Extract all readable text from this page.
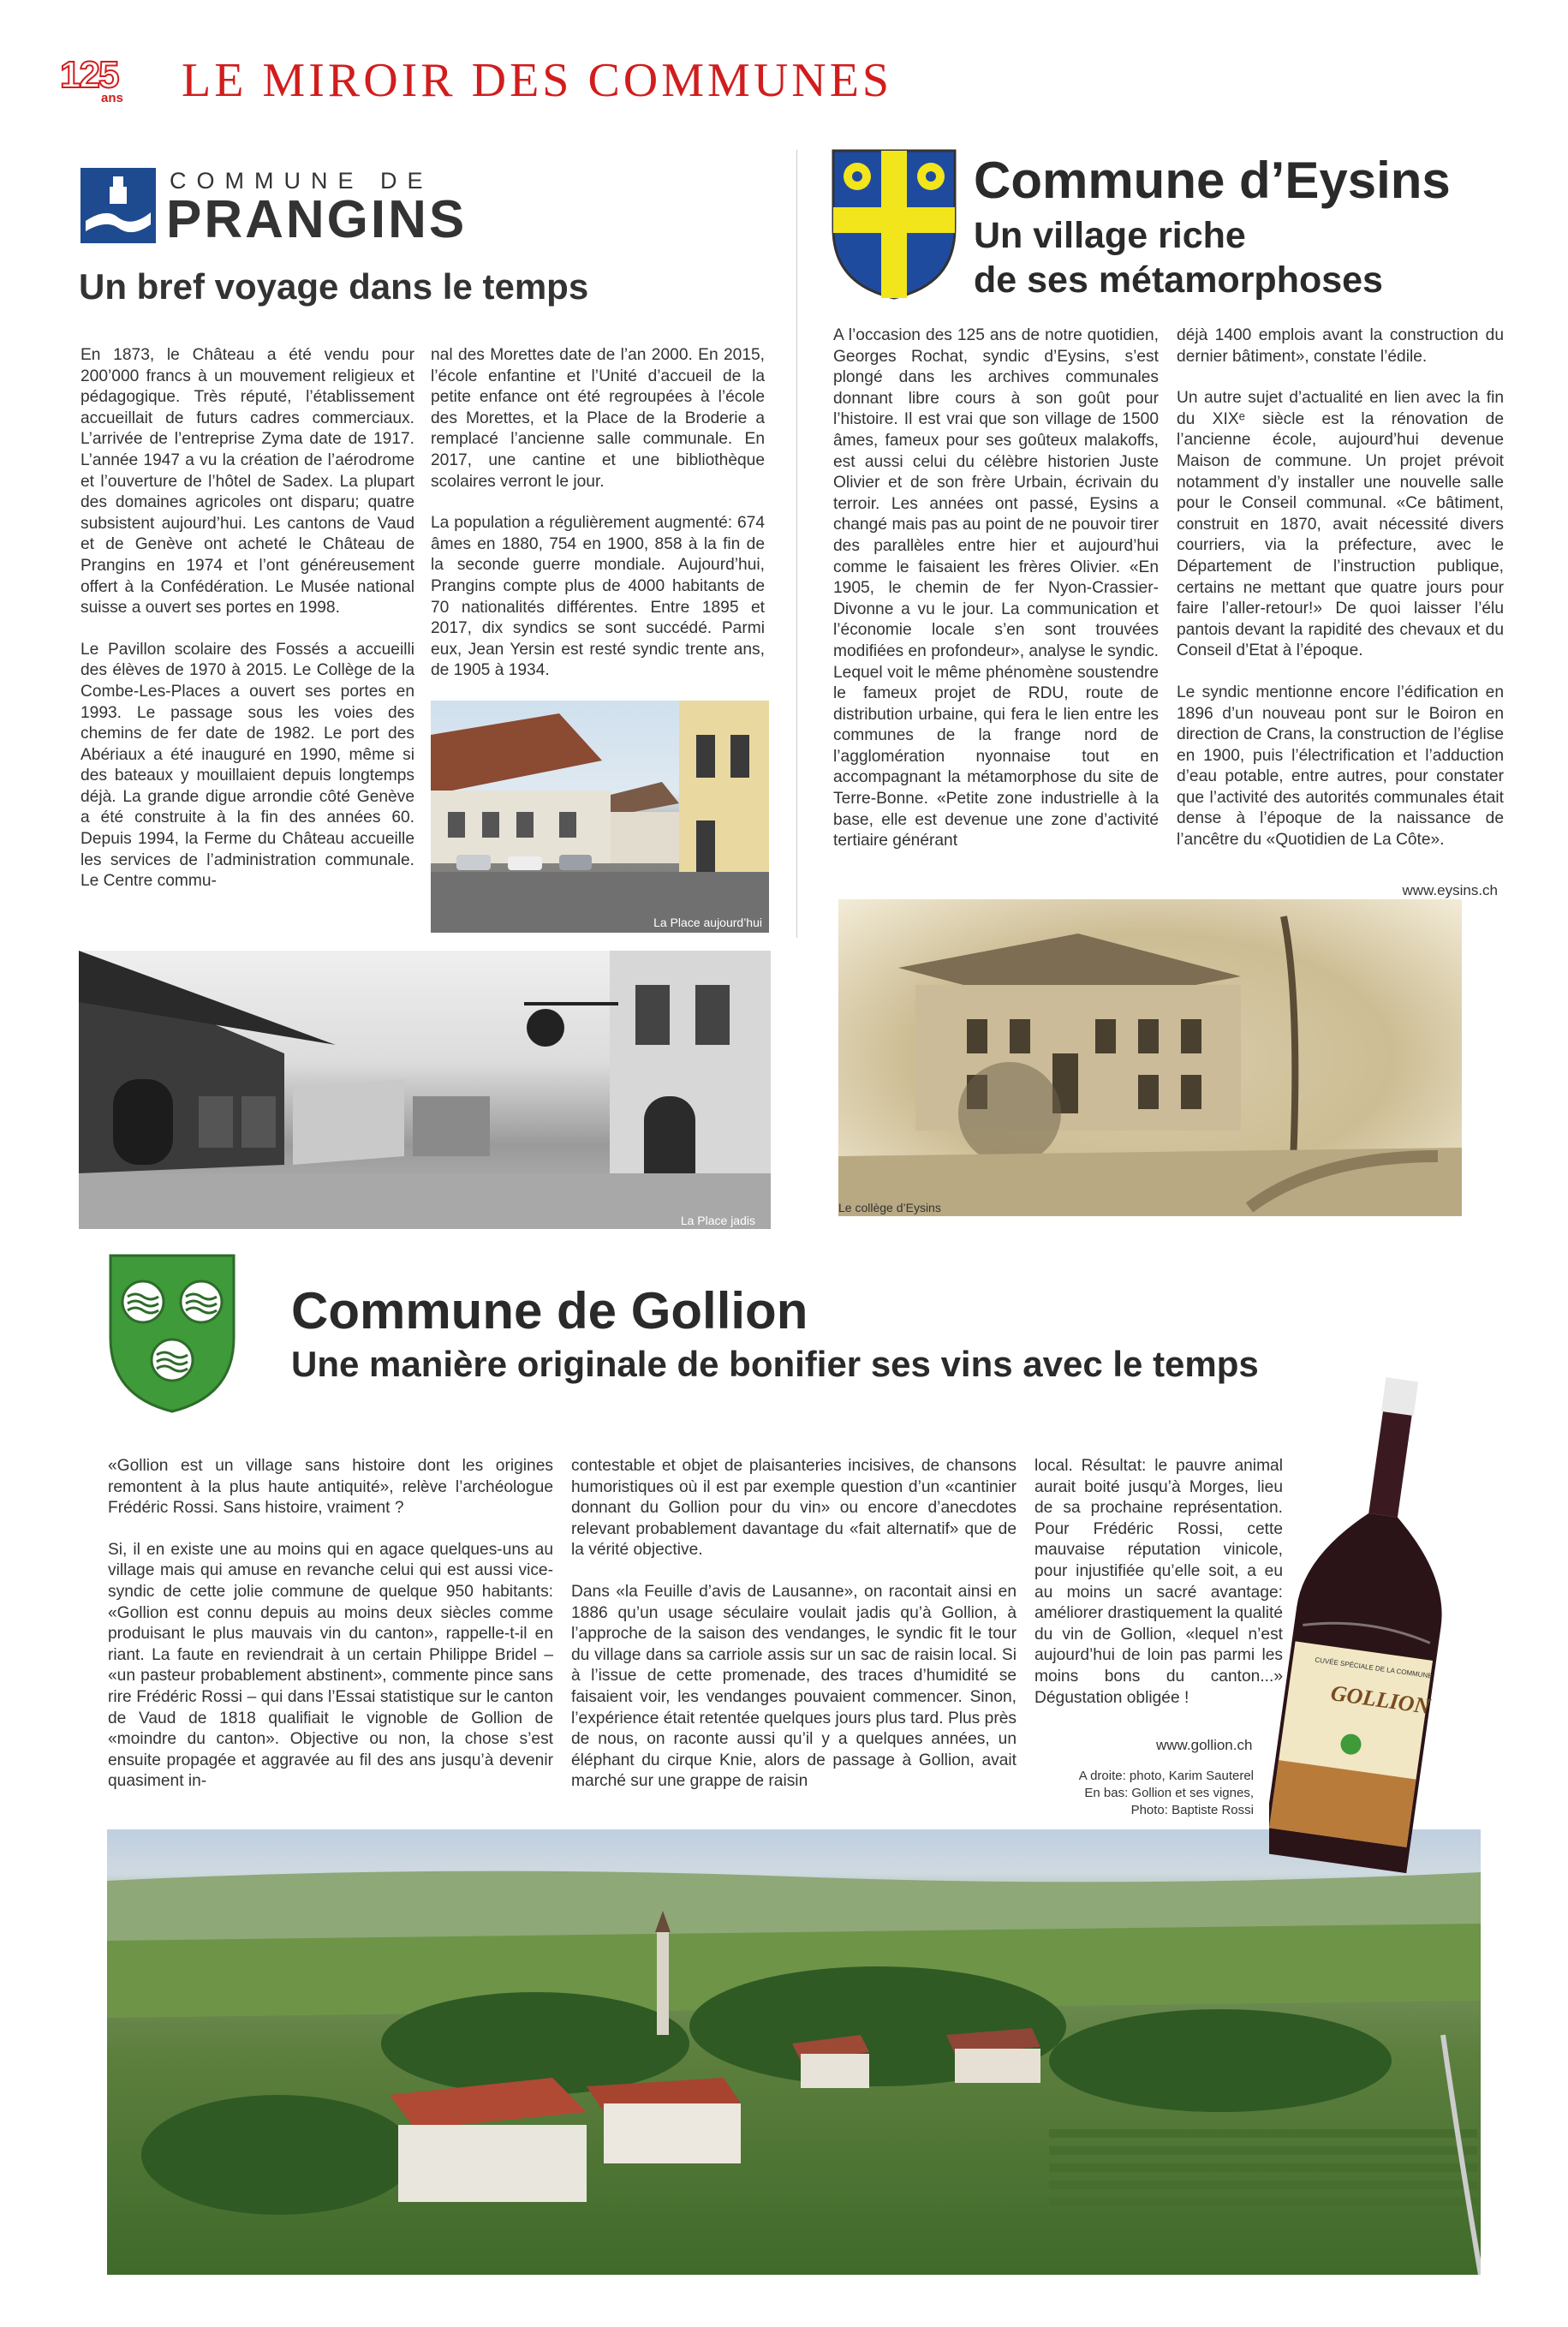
125
ans LE MIROIR DES COMMUNES
COMMUNE DE
PRANGINS
Un bref voyage dans le temps

En 1873, le Château a été vendu pour 200’000 francs à un mouvement religieux et pédagogique. Très réputé, l’établissement accueillait de futurs cadres commerciaux. L’arrivée de l’entreprise Zyma date de 1917. L’année 1947 a vu la création de l’aérodrome et l’ouverture de l’hôtel de Sadex. La plupart des domaines agricoles ont disparu; quatre subsistent aujourd’hui. Les cantons de Vaud et de Genève ont acheté le Château de Prangins en 1974 et l’ont généreusement offert à la Confédération. Le Musée national suisse a ouvert ses portes en 1998.

Le Pavillon scolaire des Fossés a accueilli des élèves de 1970 à 2015. Le Collège de la Combe-Les-Places a ouvert ses portes en 1993. Le passage sous les voies des chemins de fer date de 1982. Le port des Abériaux a été inauguré en 1990, même si des bateaux y mouillaient depuis longtemps déjà. La grande digue arrondie côté Genève a été construite à la fin des années 60. Depuis 1994, la Ferme du Château accueille les services de l’administration communale. Le Centre commu-

nal des Morettes date de l’an 2000. En 2015, l’école enfantine et l’Unité d’accueil de la petite enfance ont été regroupées à l’école des Morettes, et la Place de la Broderie a remplacé l’ancienne salle communale. En 2017, une cantine et une bibliothèque scolaires verront le jour.

La population a régulièrement augmenté: 674 âmes en 1880, 754 en 1900, 858 à la fin de la seconde guerre mondiale. Aujourd’hui, Prangins compte plus de 4000 habitants de 70 nationalités différentes. Entre 1895 et 2017, dix syndics se sont succédé. Parmi eux, Jean Yersin est resté syndic trente ans, de 1905 à 1934.

La Place aujourd’hui
La Place jadis
Commune d’Eysins
Un village riche
de ses métamorphoses

A l’occasion des 125 ans de notre quotidien, Georges Rochat, syndic d’Eysins, s’est plongé dans les archives communales donnant libre cours à son goût pour l’histoire. Il est vrai que son village de 1500 âmes, fameux pour ses goûteux malakoffs, est aussi celui du célèbre historien Juste Olivier et de son frère Urbain, écrivain du terroir. Les années ont passé, Eysins a changé mais pas au point de ne pouvoir tirer des parallèles entre hier et aujourd’hui comme le faisaient les frères Olivier. «En 1905, le chemin de fer Nyon-Crassier-Divonne a vu le jour. La communication et l’économie locale s’en sont trouvées modifiées en profondeur», analyse le syndic. Lequel voit le même phénomène soustendre le fameux projet de RDU, route de distribution urbaine, qui fera le lien entre les communes de la frange nord de l’agglomération nyonnaise tout en accompagnant la métamorphose du site de Terre-Bonne. «Petite zone industrielle à la base, elle est devenue une zone d’activité tertiaire générant

déjà 1400 emplois avant la construction du dernier bâtiment», constate l’édile.

Un autre sujet d’actualité en lien avec la fin du XIXᵉ siècle est la rénovation de l’ancienne école, aujourd’hui devenue Maison de commune. Un projet prévoit notamment d’y installer une nouvelle salle pour le Conseil communal. «Ce bâtiment, construit en 1870, avait nécessité divers courriers, via la préfecture, avec le Département de l’instruction publique, certains ne mettant que quatre jours pour faire l’aller-retour!» De quoi laisser l’élu pantois devant la rapidité des chevaux et du Conseil d’Etat à l’époque.

Le syndic mentionne encore l’édification en 1896 d’un nouveau pont sur le Boiron en direction de Crans, la construction de l’église en 1900, puis l’électrification et l’adduction d’eau potable, entre autres, pour constater que l’activité des autorités communales était dense à l’époque de la naissance de l’ancêtre du «Quotidien de La Côte».

www.eysins.ch
Le collège d’Eysins
Commune de Gollion
Une manière originale de bonifier ses vins avec le temps

«Gollion est un village sans histoire dont les origines remontent à la plus haute antiquité», relève l’archéologue Frédéric Rossi. Sans histoire, vraiment ?

Si, il en existe une au moins qui en agace quelques-uns au village mais qui amuse en revanche celui qui est aussi vice-syndic de cette jolie commune de quelque 950 habitants: «Gollion est connu depuis au moins deux siècles comme produisant le plus mauvais vin du canton», rappelle-t-il en riant. La faute en reviendrait à un certain Philippe Bridel – «un pasteur probablement abstinent», commente pince sans rire Frédéric Rossi – qui dans l’Essai statistique sur le canton de Vaud de 1818 qualifiait le vignoble de Gollion de «moindre du canton». Objective ou non, la chose s’est ensuite propagée et aggravée au fil des ans jusqu’à devenir quasiment in-

contestable et objet de plaisanteries incisives, de chansons humoristiques où il est par exemple question d’un «cantinier donnant du Gollion pour du vin» ou encore d’anecdotes relevant probablement davantage du «fait alternatif» que de la vérité objective.

Dans «la Feuille d’avis de Lausanne», on racontait ainsi en 1886 qu’un usage séculaire voulait jadis qu’à Gollion, à l’approche de la saison des vendanges, le syndic fit le tour du village dans sa carriole assis sur un sac de raisin local. Si à l’issue de cette promenade, des traces d’humidité se faisaient voir, les vendanges pouvaient commencer. Sinon, l’expérience était retentée quelques jours plus tard. Plus près de nous, on raconte aussi qu’il y a quelques années, un éléphant du cirque Knie, alors de passage à Gollion, avait marché sur une grappe de raisin

local. Résultat: le pauvre animal aurait boité jusqu’à Morges, lieu de sa prochaine représentation. Pour Frédéric Rossi, cette mauvaise réputation vinicole, pour injustifiée qu’elle soit, a eu au moins un sacré avantage: améliorer drastiquement la qualité du vin de Gollion, «lequel n’est aujourd’hui de loin pas parmi les moins bons du canton...» Dégustation obligée !

www.gollion.ch
A droite: photo, Karim Sauterel
En bas: Gollion et ses vignes,
Photo: Baptiste Rossi
CUVÉE SPÉCIALE DE LA COMMUNE
GOLLION
